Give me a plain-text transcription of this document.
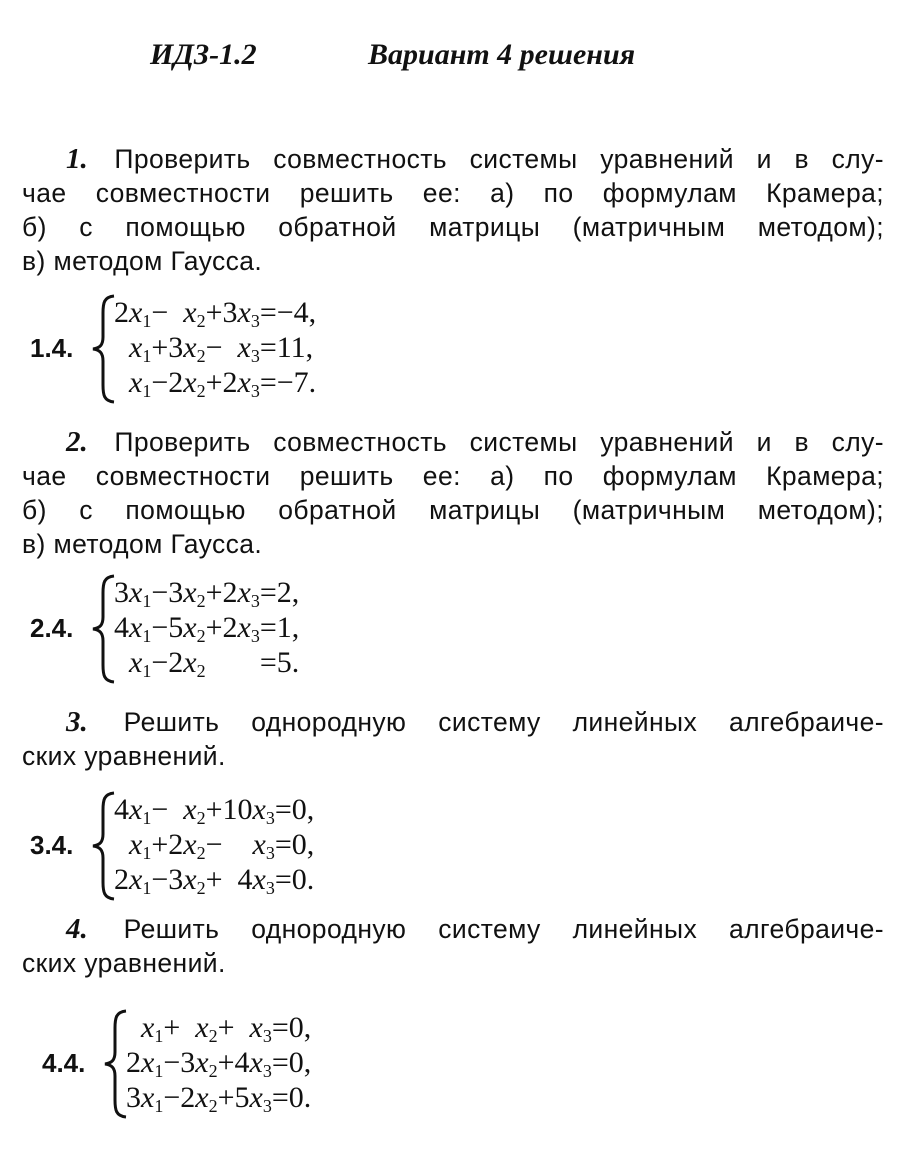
ИДЗ-1.2	Вариант 4 решения
1. Проверить совместность системы уравнений и в слу-
чае совместности решить ее: а) по формулам Крамера;
б) с помощью обратной матрицы (матричным методом);
в) методом Гаусса.
1.4.
$2x_1$	−	$x_2$	+	$3x_3$	=	−4,
$x_1$	+	$3x_2$	−	$x_3$	=	11,
$x_1$	−	$2x_2$	+	$2x_3$	=	−7.
2. Проверить совместность системы уравнений и в слу-
чае совместности решить ее: а) по формулам Крамера;
б) с помощью обратной матрицы (матричным методом);
в) методом Гаусса.
2.4.
$3x_1$	−	$3x_2$	+	$2x_3$	=	2,
$4x_1$	−	$5x_2$	+	$2x_3$	=	1,
$x_1$	−	$2x_2$			=	5.
3. Решить однородную систему линейных алгебраиче-
ских уравнений.
3.4.
$4x_1$	−	$x_2$	+	$10x_3$	=	0,
$x_1$	+	$2x_2$	−	$x_3$	=	0,
$2x_1$	−	$3x_2$	+	$4x_3$	=	0.
4. Решить однородную систему линейных алгебраиче-
ских уравнений.
4.4.
$x_1$	+	$x_2$	+	$x_3$	=	0,
$2x_1$	−	$3x_2$	+	$4x_3$	=	0,
$3x_1$	−	$2x_2$	+	$5x_3$	=	0.
